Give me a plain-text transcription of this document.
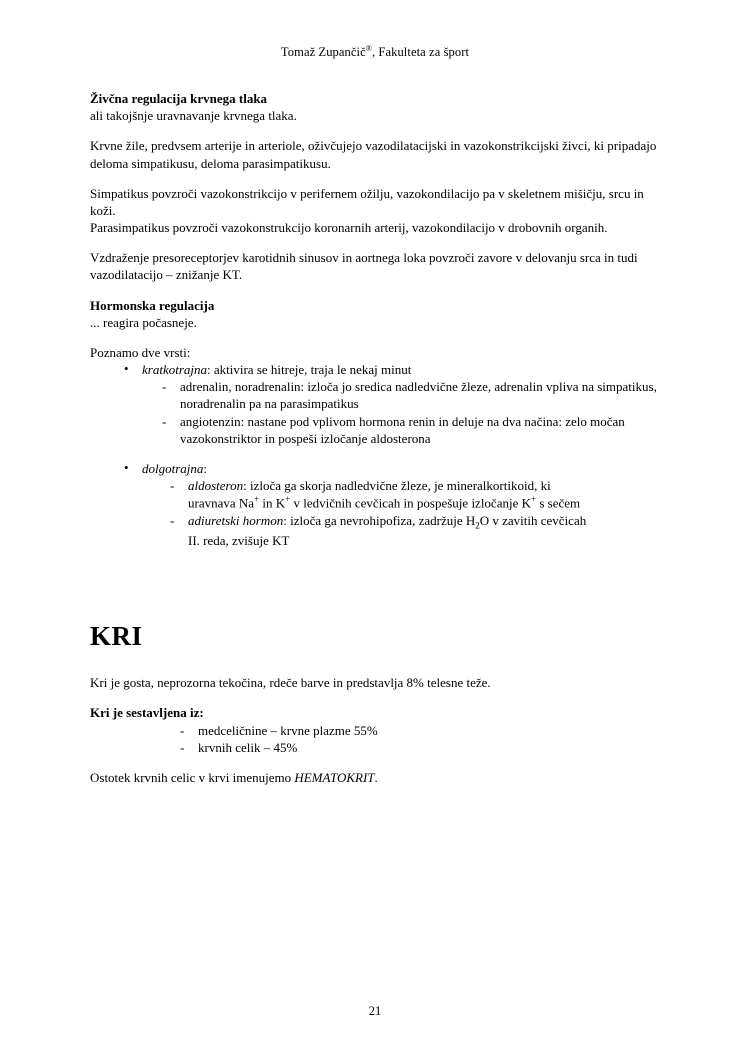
Tomaž Zupančič®, Fakulteta za šport

Živčna regulacija krvnega tlaka

ali takojšnje uravnavanje krvnega tlaka.

Krvne žile, predvsem arterije in arteriole, oživčujejo vazodilatacijski in vazokonstrikcijski živci, ki pripadajo deloma simpatikusu, deloma parasimpatikusu.

Simpatikus povzroči vazokonstrikcijo v perifernem ožilju, vazokondilacijo pa v skeletnem mišičju, srcu in koži.

Parasimpatikus povzroči vazokonstrukcijo koronarnih arterij, vazokondilacijo v drobovnih organih.

Vzdraženje presoreceptorjev karotidnih sinusov in aortnega loka povzroči zavore v delovanju srca in tudi vazodilatacijo – znižanje KT.

Hormonska regulacija

... reagira počasneje.

Poznamo dve vrsti:

• kratkotrajna: aktivira se hitreje, traja le nekaj minut
- adrenalin, noradrenalin: izloča jo sredica nadledvične žleze, adrenalin vpliva na simpatikus, noradrenalin pa na parasimpatikus
- angiotenzin: nastane pod vplivom hormona renin in deluje na dva načina: zelo močan vazokonstriktor in pospeši izločanje aldosterona
• dolgotrajna:
- aldosteron: izloča ga skorja nadledvične žleze, je mineralkortikoid, ki
uravnava Na+ in K+ v ledvičnih cevčicah in pospešuje izločanje K+ s sečem
- adiuretski hormon: izloča ga nevrohipofiza, zadržuje $H_2O$ v zavitih cevčicah
II. reda, zvišuje KT
KRI

Kri je gosta, neprozorna tekočina, rdeče barve in predstavlja 8% telesne teže.

Kri je sestavljena iz:

- medceličnine – krvne plazme 55%
- krvnih celik – 45%

Ostotek krvnih celic v krvi imenujemo HEMATOKRIT.

21
